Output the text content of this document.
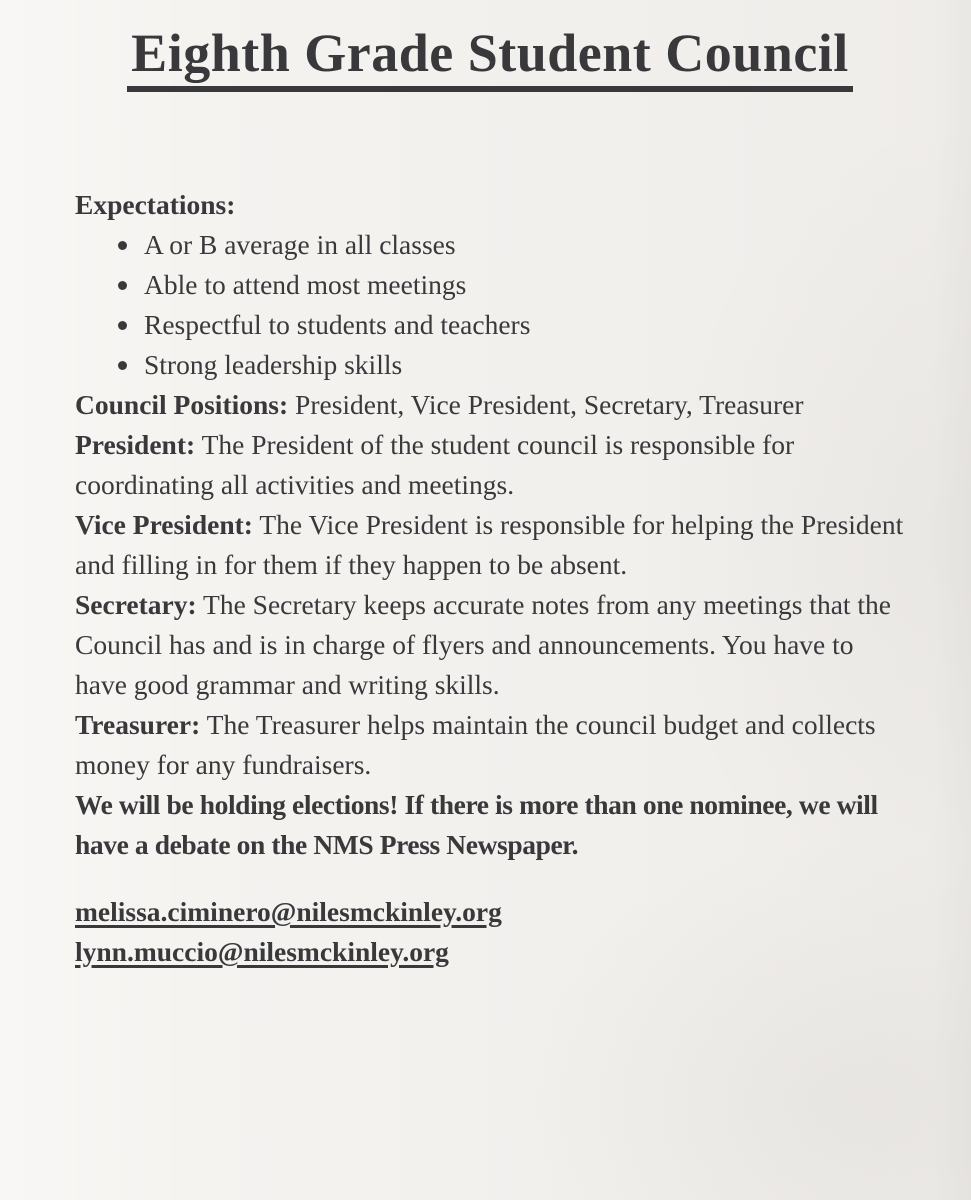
Eighth Grade Student Council
Expectations:
A or B average in all classes
Able to attend most meetings
Respectful to students and teachers
Strong leadership skills

Council Positions: President, Vice President, Secretary, Treasurer

President: The President of the student council is responsible for coordinating all activities and meetings.

Vice President: The Vice President is responsible for helping the President and filling in for them if they happen to be absent.

Secretary: The Secretary keeps accurate notes from any meetings that the Council has and is in charge of flyers and announcements. You have to have good grammar and writing skills.

Treasurer: The Treasurer helps maintain the council budget and collects money for any fundraisers.

We will be holding elections! If there is more than one nominee, we will have a debate on the NMS Press Newspaper.

melissa.ciminero@nilesmckinley.org
lynn.muccio@nilesmckinley.org
